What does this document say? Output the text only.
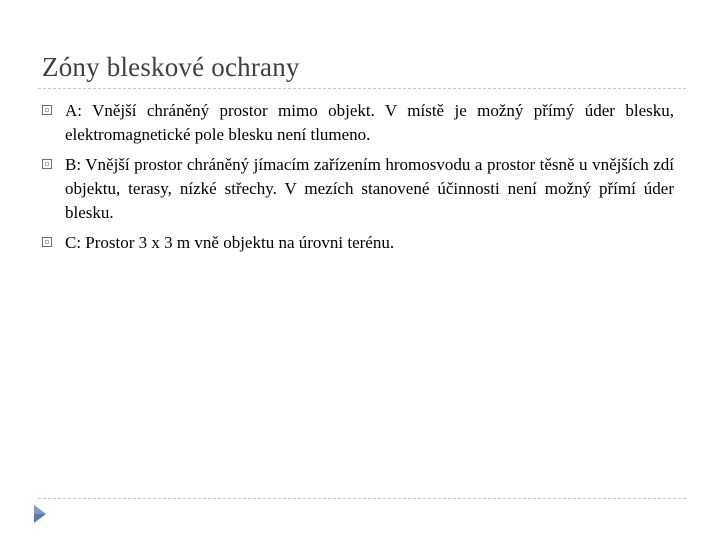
Zóny bleskové ochrany
A: Vnější chráněný prostor mimo objekt. V místě je možný přímý úder blesku, elektromagnetické pole blesku není tlumeno.
B: Vnější prostor chráněný jímacím zařízením hromosvodu a prostor těsně u vnějších zdí objektu, terasy, nízké střechy. V mezích stanovené účinnosti není možný přímí úder blesku.
C: Prostor 3 x 3 m vně objektu na úrovni terénu.
